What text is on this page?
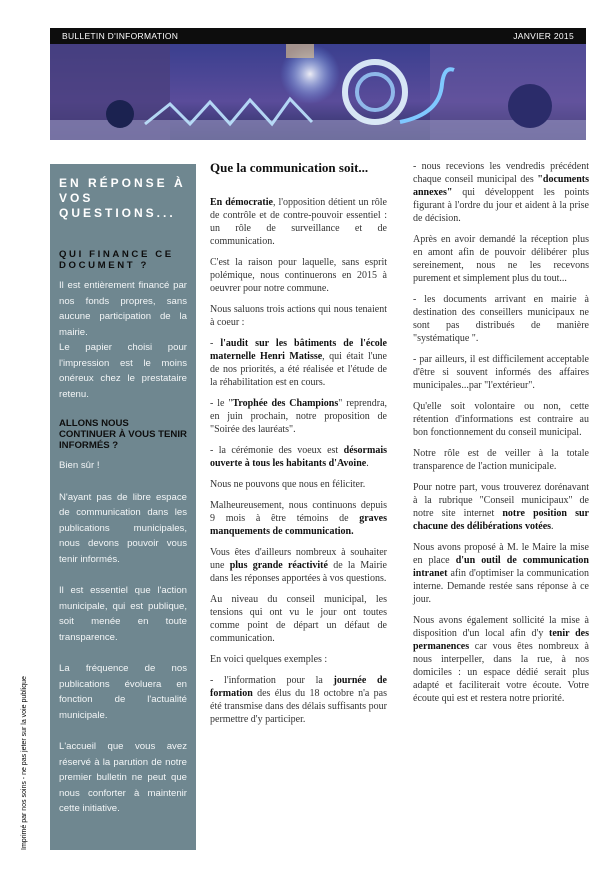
BULLETIN D'INFORMATION	JANVIER 2015
EN RÉPONSE À VOS QUESTIONS...
QUI FINANCE CE DOCUMENT ?

Il est entièrement financé par nos fonds propres, sans aucune participation de la mairie.

Le papier choisi pour l'impression est le moins onéreux chez le prestataire retenu.

ALLONS NOUS CONTINUER À VOUS TENIR INFORMÉS ?

Bien sûr !

N'ayant pas de libre espace de communication dans les publications municipales, nous devons pouvoir vous tenir informés.

Il est essentiel que l'action municipale, qui est publique, soit menée en toute transparence.

La fréquence de nos publications évoluera en fonction de l'actualité municipale.

L'accueil que vous avez réservé à la parution de notre premier bulletin ne peut que nous conforter à maintenir cette initiative.

Que la communication soit...

En démocratie, l'opposition détient un rôle de contrôle et de contre-pouvoir essentiel : un rôle de surveillance et de communication.

C'est la raison pour laquelle, sans esprit polémique, nous continuerons en 2015 à oeuvrer pour notre commune.

Nous saluons trois actions qui nous tenaient à coeur :

- l'audit sur les bâtiments de l'école maternelle Henri Matisse, qui était l'une de nos priorités, a été réalisée et l'étude de la réhabilitation est en cours.

- le "Trophée des Champions" reprendra, en juin prochain, notre proposition de "Soirée des lauréats".

- la cérémonie des voeux est désormais ouverte à tous les habitants d'Avoine.

Nous ne pouvons que nous en féliciter.

Malheureusement, nous continuons depuis 9 mois à être témoins de graves manquements de communication.

Vous êtes d'ailleurs nombreux à souhaiter une plus grande réactivité de la Mairie dans les réponses apportées à vos questions.

Au niveau du conseil municipal, les tensions qui ont vu le jour ont toutes comme point de départ un défaut de communication.

En voici quelques exemples :

- l'information pour la journée de formation des élus du 18 octobre n'a pas été transmise dans des délais suffisants pour permettre d'y participer.

- nous recevions les vendredis précédent chaque conseil municipal des "documents annexes" qui développent les points figurant à l'ordre du jour et aident à la prise de décision.

Après en avoir demandé la réception plus en amont afin de pouvoir délibérer plus sereinement, nous ne les recevons purement et simplement plus du tout...

- les documents arrivant en mairie à destination des conseillers municipaux ne sont pas distribués de manière "systématique ".

- par ailleurs, il est difficilement acceptable d'être si souvent informés des affaires municipales...par "l'extérieur".

Qu'elle soit volontaire ou non, cette rétention d'informations est contraire au bon fonctionnement du conseil municipal.

Notre rôle est de veiller à la totale transparence de l'action municipale.

Pour notre part, vous trouverez dorénavant à la rubrique "Conseil municipaux" de notre site internet notre position sur chacune des délibérations votées.

Nous avons proposé à M. le Maire la mise en place d'un outil de communication intranet afin d'optimiser la communication interne. Demande restée sans réponse à ce jour.

Nous avons également sollicité la mise à disposition d'un local afin d'y tenir des permanences car vous êtes nombreux à nous interpeller, dans la rue, à nos domiciles : un espace dédié serait plus adapté et faciliterait votre écoute. Votre écoute qui est et restera notre priorité.

Imprimé par nos soins - ne pas jeter sur la voie publique
